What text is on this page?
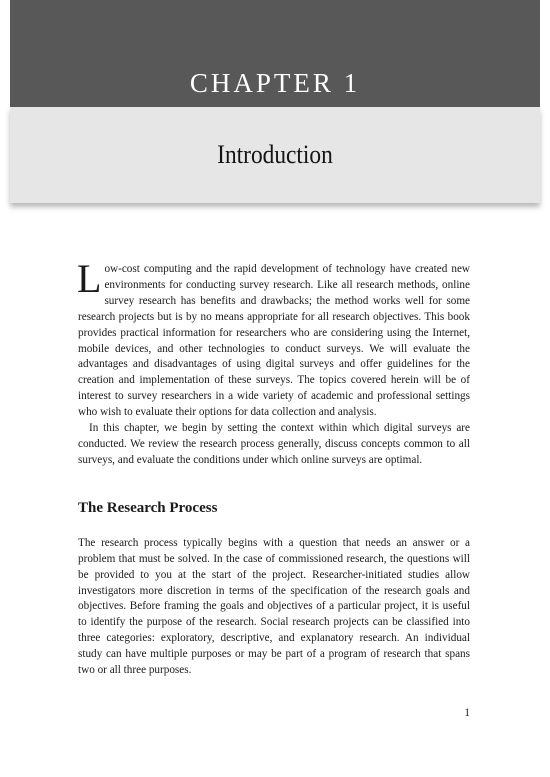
CHAPTER 1
Introduction

Low-cost computing and the rapid development of technology have created new environments for conducting survey research. Like all research methods, online survey research has benefits and drawbacks; the method works well for some research projects but is by no means appropriate for all research objectives. This book provides practical information for researchers who are considering using the Internet, mobile devices, and other technologies to conduct surveys. We will evaluate the advantages and disadvantages of using digital surveys and offer guidelines for the creation and implementation of these surveys. The topics covered herein will be of interest to survey researchers in a wide variety of academic and professional settings who wish to evaluate their options for data collection and analysis.

In this chapter, we begin by setting the context within which digital surveys are conducted. We review the research process generally, discuss concepts common to all surveys, and evaluate the conditions under which online surveys are optimal.

The Research Process

The research process typically begins with a question that needs an answer or a problem that must be solved. In the case of commissioned research, the questions will be provided to you at the start of the project. Researcher-initiated studies allow investigators more discretion in terms of the specification of the research goals and objectives. Before framing the goals and objectives of a particular project, it is useful to identify the purpose of the research. Social research projects can be classified into three categories: exploratory, descriptive, and explanatory research. An individual study can have multiple purposes or may be part of a program of research that spans two or all three purposes.

1
